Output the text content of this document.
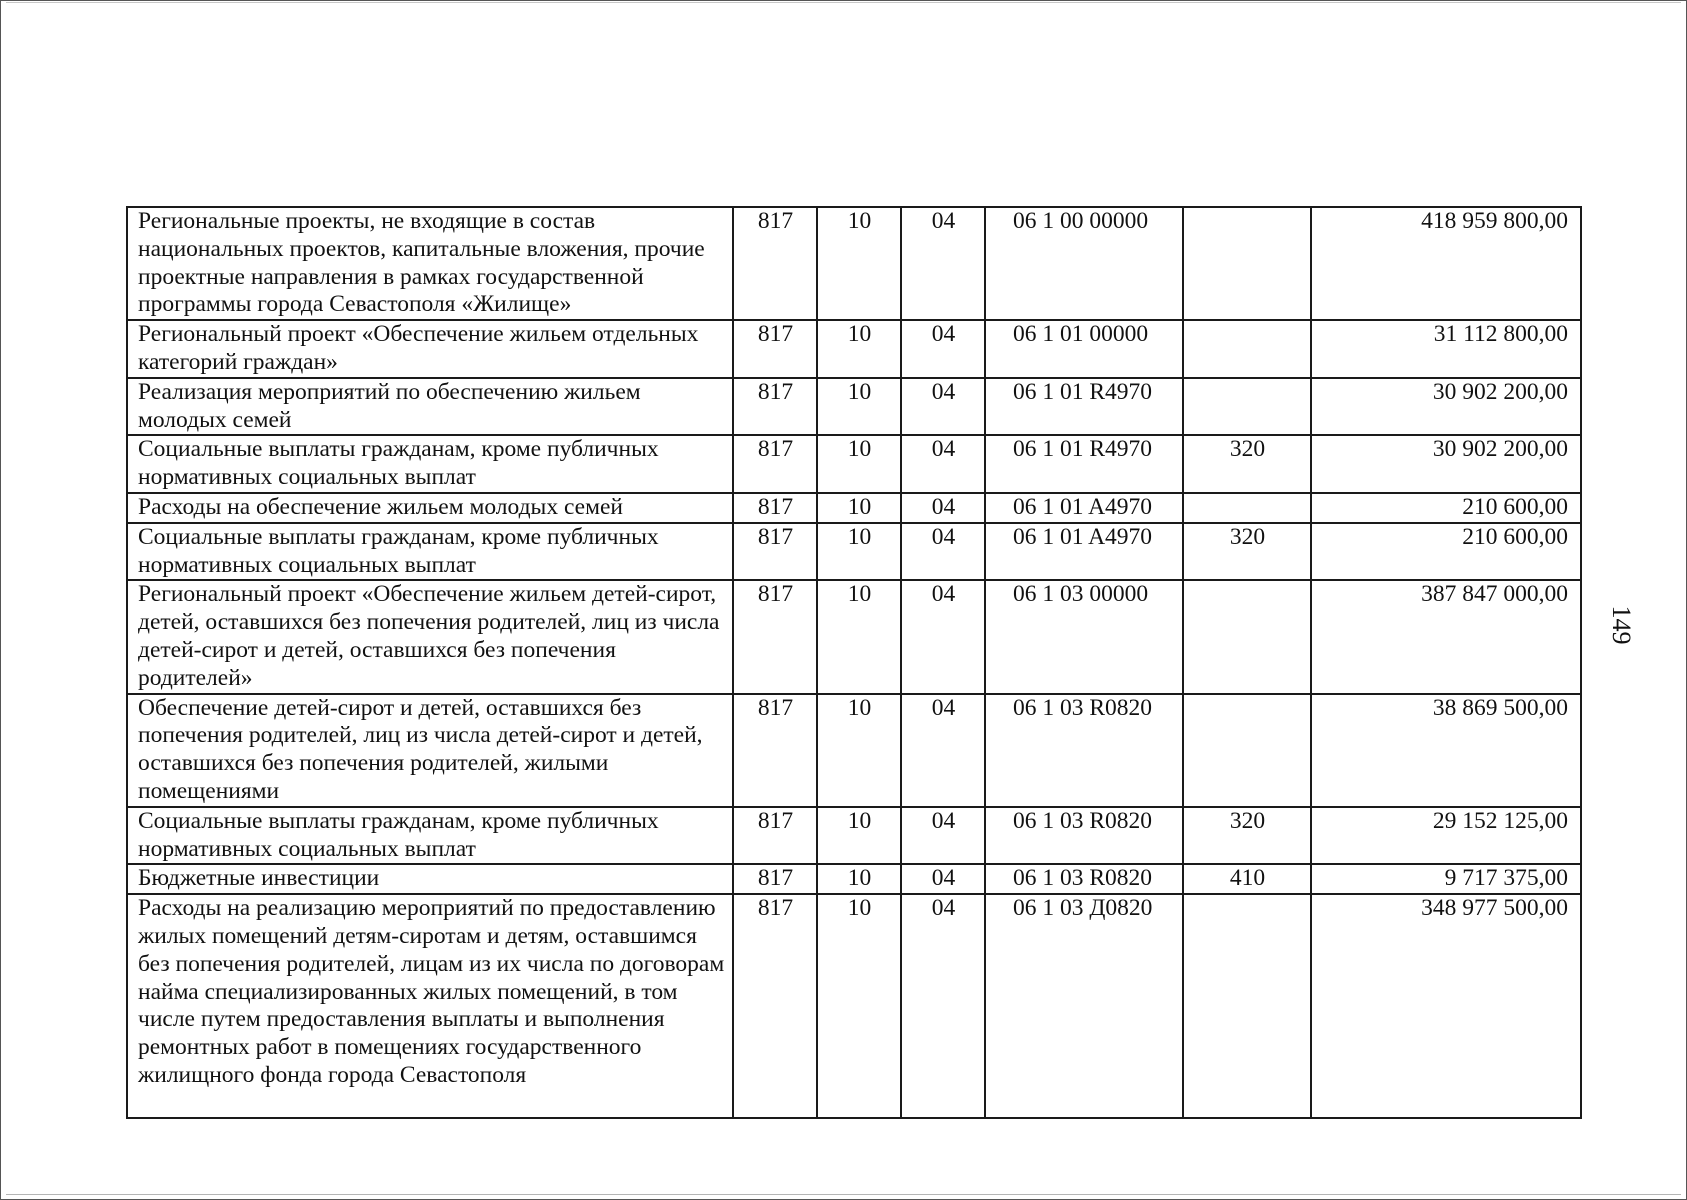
Региональные проекты, не входящие в состав национальных проектов, капитальные вложения, прочие проектные направления в рамках государственной программы города Севастополя «Жилище»	817	10	04	06 1 00 00000		418 959 800,00
Региональный проект «Обеспечение жильем отдельных категорий граждан»	817	10	04	06 1 01 00000		31 112 800,00
Реализация мероприятий по обеспечению жильем молодых семей	817	10	04	06 1 01 R4970		30 902 200,00
Социальные выплаты гражданам, кроме публичных нормативных социальных выплат	817	10	04	06 1 01 R4970	320	30 902 200,00
Расходы на обеспечение жильем молодых семей	817	10	04	06 1 01 A4970		210 600,00
Социальные выплаты гражданам, кроме публичных нормативных социальных выплат	817	10	04	06 1 01 A4970	320	210 600,00
Региональный проект «Обеспечение жильем детей-сирот, детей, оставшихся без попечения родителей, лиц из числа детей-сирот и детей, оставшихся без попечения родителей»	817	10	04	06 1 03 00000		387 847 000,00
Обеспечение детей-сирот и детей, оставшихся без попечения родителей, лиц из числа детей-сирот и детей, оставшихся без попечения родителей, жилыми помещениями	817	10	04	06 1 03 R0820		38 869 500,00
Социальные выплаты гражданам, кроме публичных нормативных социальных выплат	817	10	04	06 1 03 R0820	320	29 152 125,00
Бюджетные инвестиции	817	10	04	06 1 03 R0820	410	9 717 375,00
Расходы на реализацию мероприятий по предоставлению жилых помещений детям-сиротам и детям, оставшимся без попечения родителей, лицам из их числа по договорам найма специализированных жилых помещений, в том числе путем предоставления выплаты и выполнения ремонтных работ в помещениях государственного жилищного фонда города Севастополя	817	10	04	06 1 03 Д0820		348 977 500,00
149
